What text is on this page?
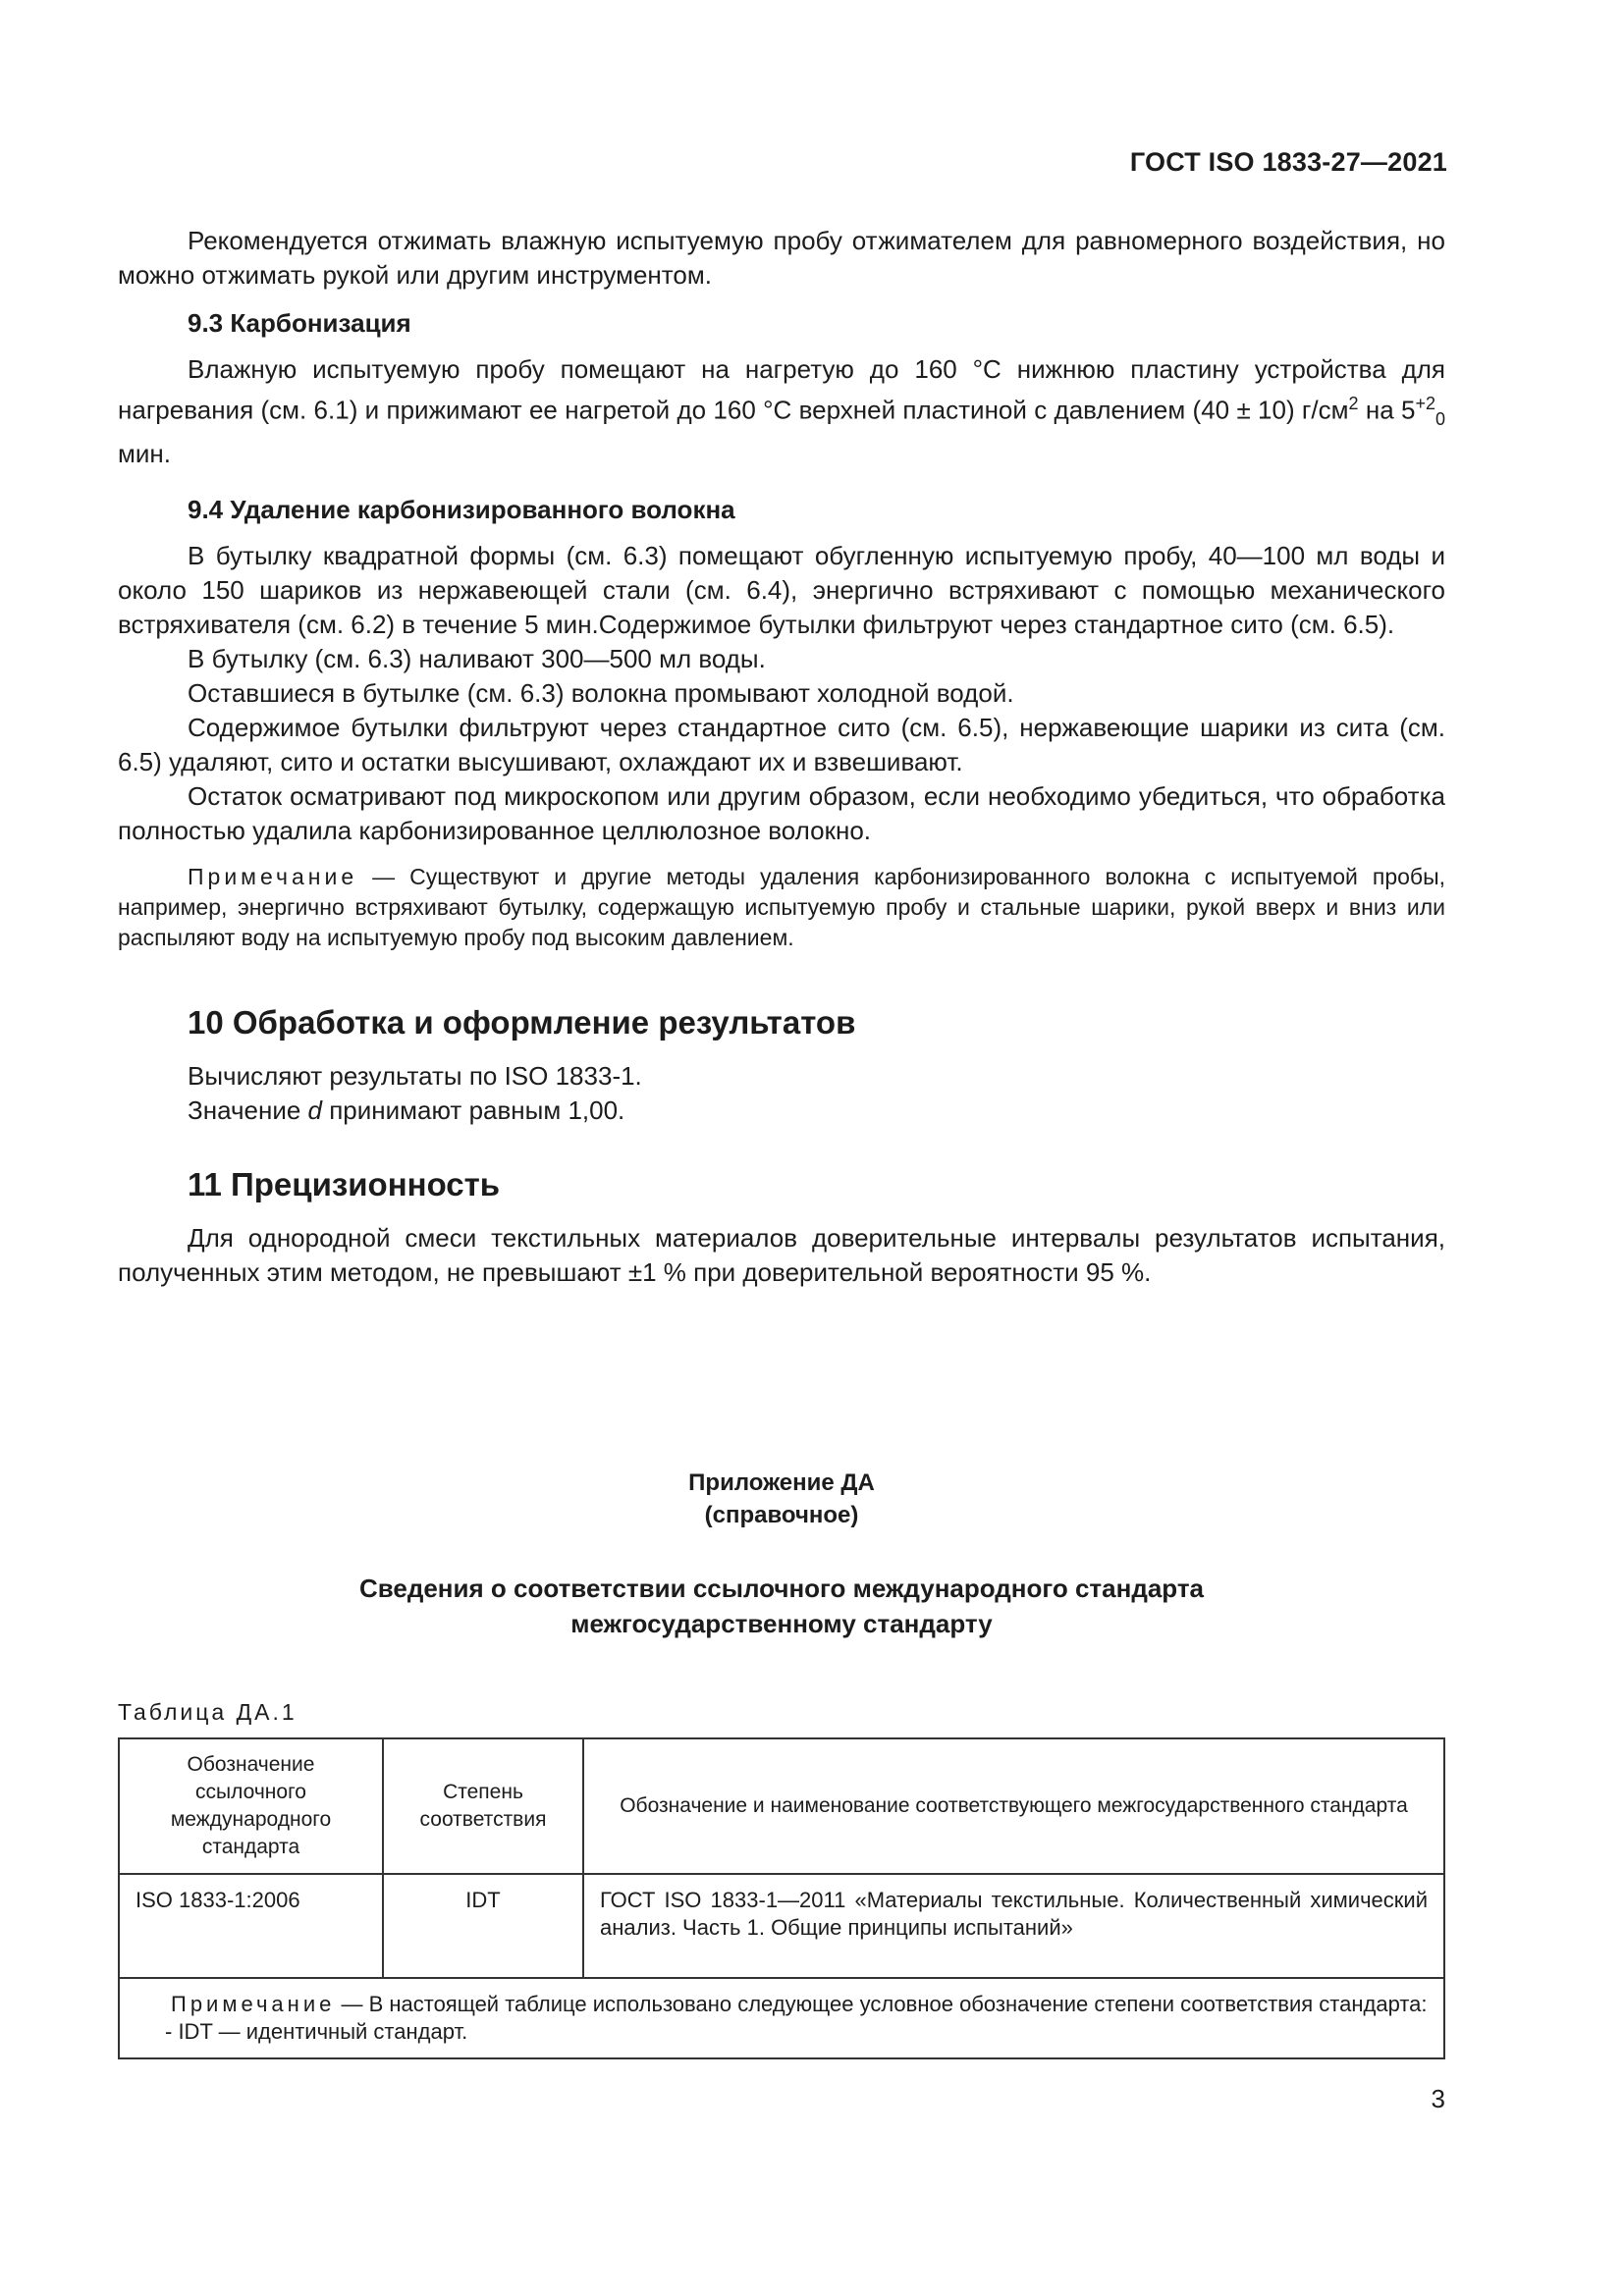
ГОСТ ISO 1833-27—2021

Рекомендуется отжимать влажную испытуемую пробу отжимателем для равномерного воздействия, но можно отжимать рукой или другим инструментом.

9.3 Карбонизация

Влажную испытуемую пробу помещают на нагретую до 160 °С нижнюю пластину устройства для нагревания (см. 6.1) и прижимают ее нагретой до 160 °С верхней пластиной с давлением (40 ± 10) $г/см^2$ на $5^{+2}_0$ мин.

9.4 Удаление карбонизированного волокна

В бутылку квадратной формы (см. 6.3) помещают обугленную испытуемую пробу, 40—100 мл воды и около 150 шариков из нержавеющей стали (см. 6.4), энергично встряхивают с помощью механического встряхивателя (см. 6.2) в течение 5 мин.Содержимое бутылки фильтруют через стандартное сито (см. 6.5).

В бутылку (см. 6.3) наливают 300—500 мл воды.

Оставшиеся в бутылке (см. 6.3) волокна промывают холодной водой.

Содержимое бутылки фильтруют через стандартное сито (см. 6.5), нержавеющие шарики из сита (см. 6.5) удаляют, сито и остатки высушивают, охлаждают их и взвешивают.

Остаток осматривают под микроскопом или другим образом, если необходимо убедиться, что обработка полностью удалила карбонизированное целлюлозное волокно.

Примечание — Существуют и другие методы удаления карбонизированного волокна с испытуемой пробы, например, энергично встряхивают бутылку, содержащую испытуемую пробу и стальные шарики, рукой вверх и вниз или распыляют воду на испытуемую пробу под высоким давлением.

10 Обработка и оформление результатов

Вычисляют результаты по ISO 1833-1.

Значение d принимают равным 1,00.

11 Прецизионность

Для однородной смеси текстильных материалов доверительные интервалы результатов испытания, полученных этим методом, не превышают ±1 % при доверительной вероятности 95 %.

Приложение ДА
(справочное)
Сведения о соответствии ссылочного международного стандарта
межгосударственному стандарту
Таблица ДА.1
Обозначение ссылочного международного стандарта	Степень соответствия	Обозначение и наименование соответствующего межгосударственного стандарта
ISO 1833-1:2006	IDT	ГОСТ ISO 1833-1—2011 «Материалы текстильные. Количественный химический анализ. Часть 1. Общие принципы испытаний»

Примечание — В настоящей таблице использовано следующее условное обозначение степени соответствия стандарта:
- IDT — идентичный стандарт.		
3
